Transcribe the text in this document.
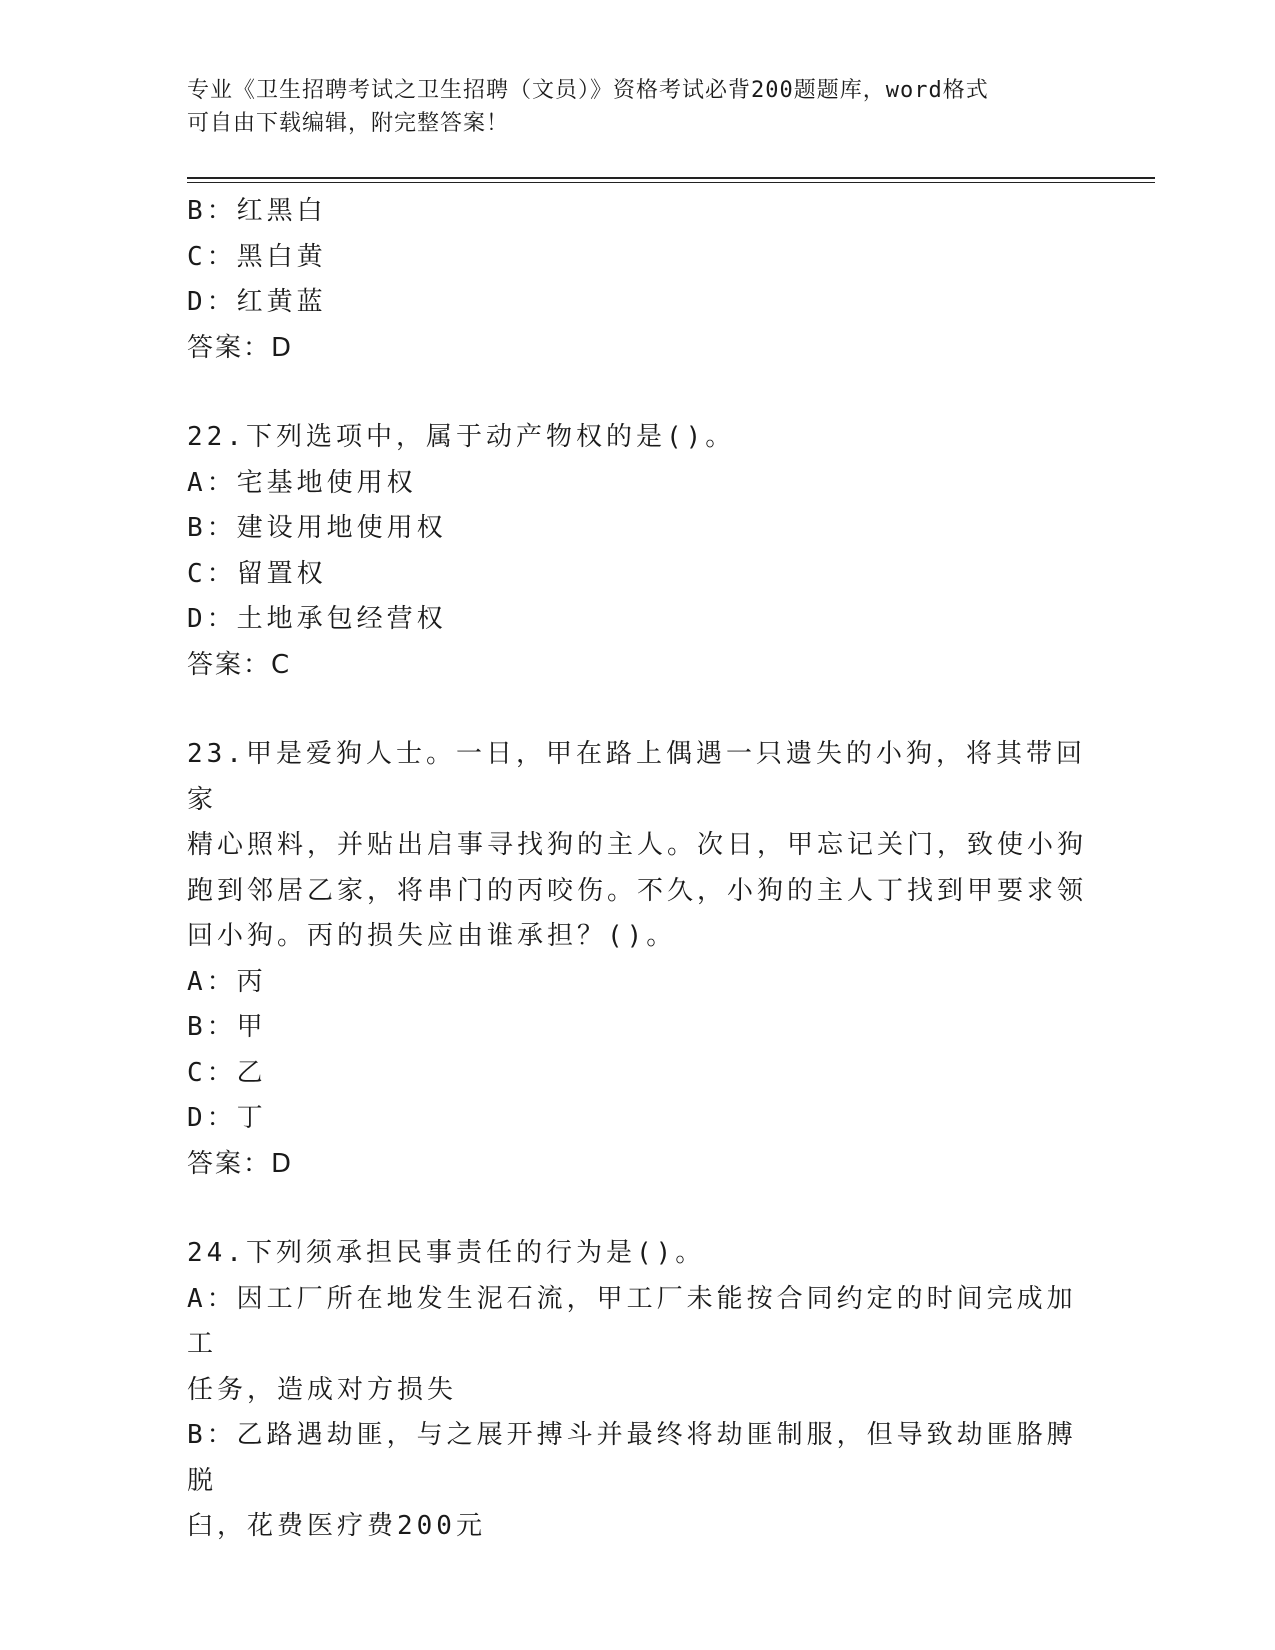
专业《卫生招聘考试之卫生招聘（文员）》资格考试必背200题题库，word格式
可自由下载编辑，附完整答案！
B：红黑白
C：黑白黄
D：红黄蓝
答案：D
22.下列选项中，属于动产物权的是()。
A：宅基地使用权
B：建设用地使用权
C：留置权
D：土地承包经营权
答案：C
23.甲是爱狗人士。一日，甲在路上偶遇一只遗失的小狗，将其带回家
精心照料，并贴出启事寻找狗的主人。次日，甲忘记关门，致使小狗
跑到邻居乙家，将串门的丙咬伤。不久，小狗的主人丁找到甲要求领
回小狗。丙的损失应由谁承担？()。
A：丙
B：甲
C：乙
D：丁
答案：D
24.下列须承担民事责任的行为是()。
A：因工厂所在地发生泥石流，甲工厂未能按合同约定的时间完成加工
任务，造成对方损失
B：乙路遇劫匪，与之展开搏斗并最终将劫匪制服，但导致劫匪胳膊脱
臼，花费医疗费200元
